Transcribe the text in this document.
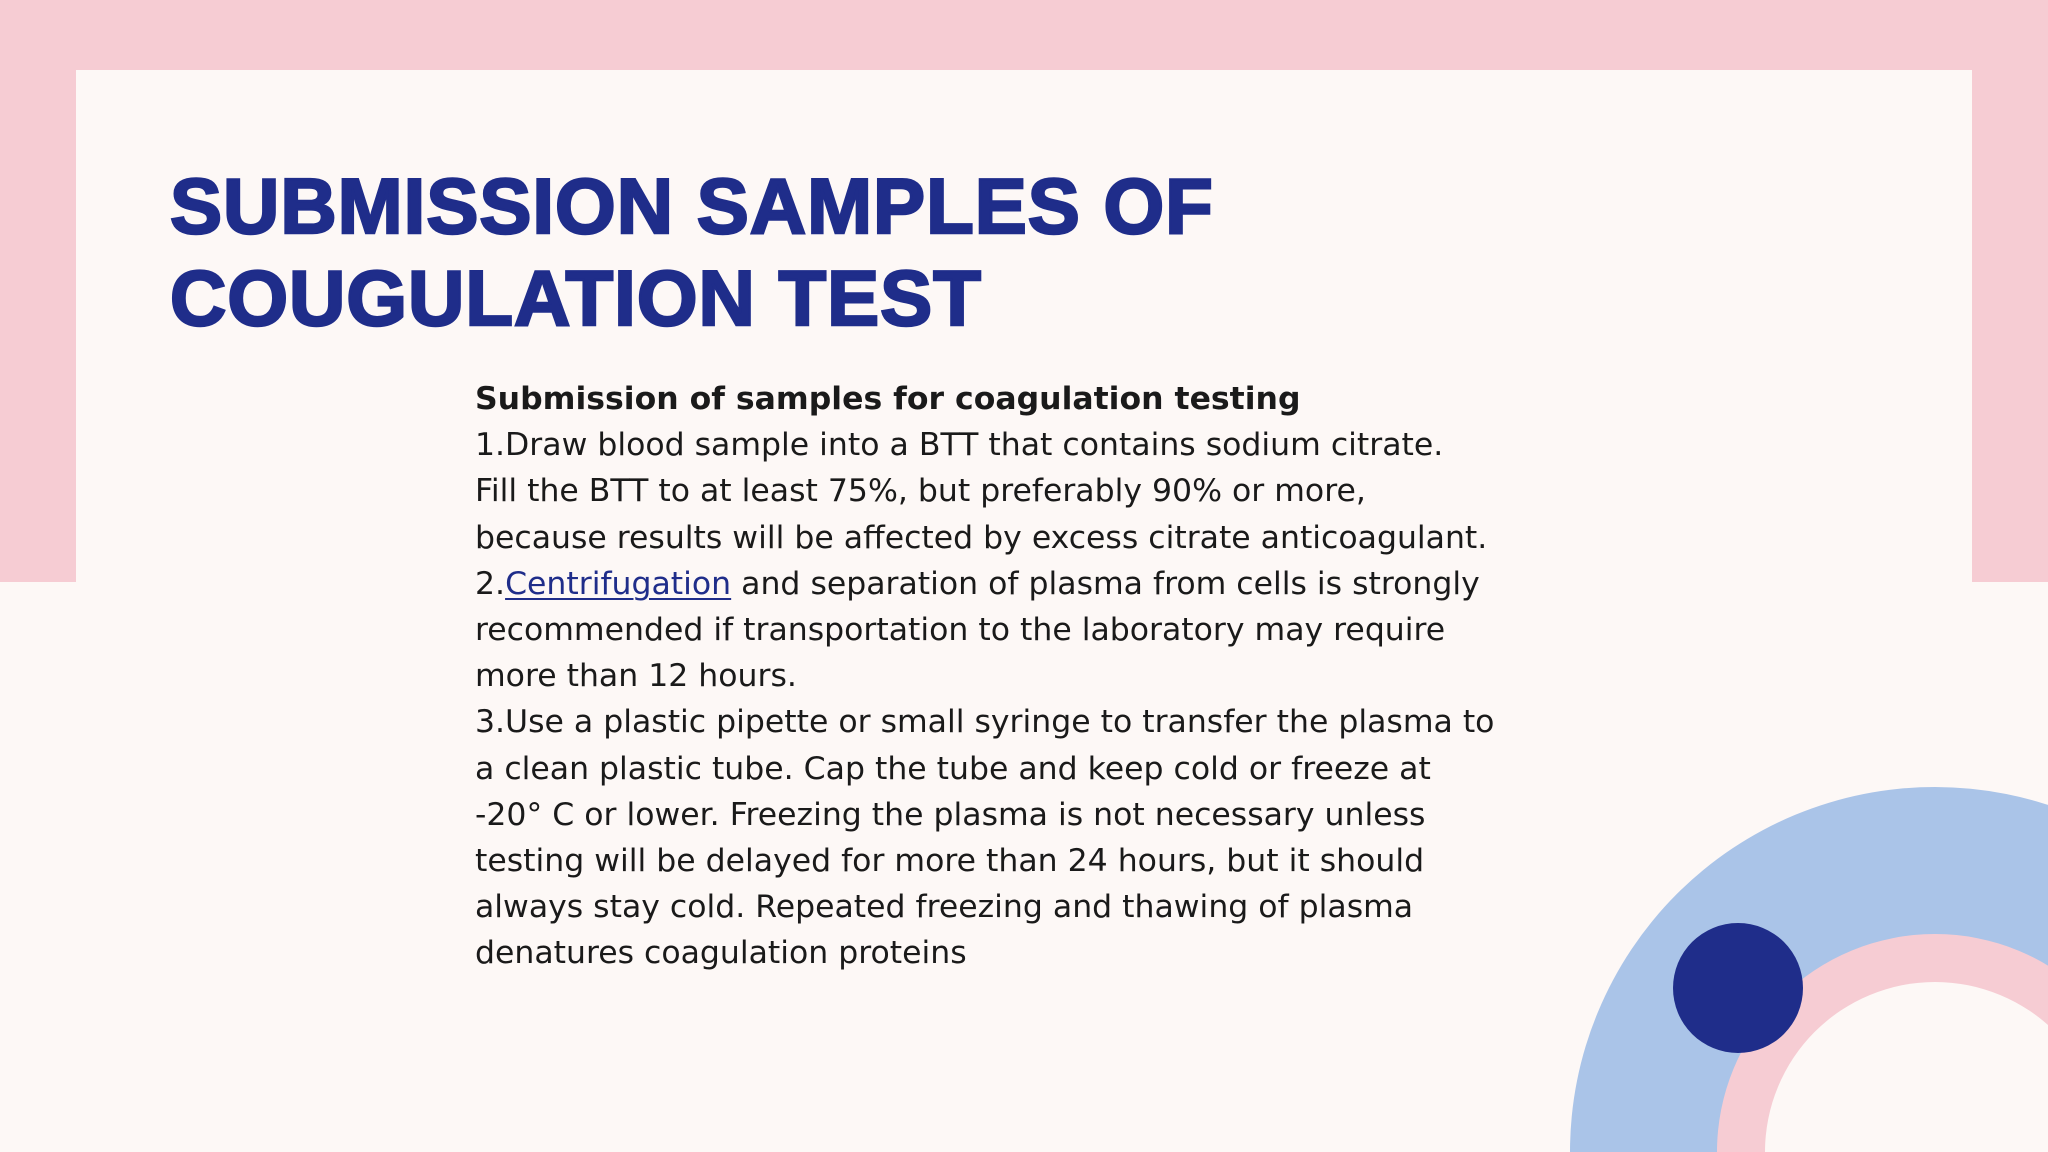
SUBMISSION SAMPLES OF
COUGULATION TEST
Submission of samples for coagulation testing
1.Draw blood sample into a BTT that contains sodium citrate. Fill the BTT to at least 75%, but preferably 90% or more, because results will be affected by excess citrate anticoagulant.
2.Centrifugation and separation of plasma from cells is strongly recommended if transportation to the laboratory may require more than 12 hours.
3.Use a plastic pipette or small syringe to transfer the plasma to a clean plastic tube. Cap the tube and keep cold or freeze at -20° C or lower. Freezing the plasma is not necessary unless testing will be delayed for more than 24 hours, but it should always stay cold. Repeated freezing and thawing of plasma denatures coagulation proteins
